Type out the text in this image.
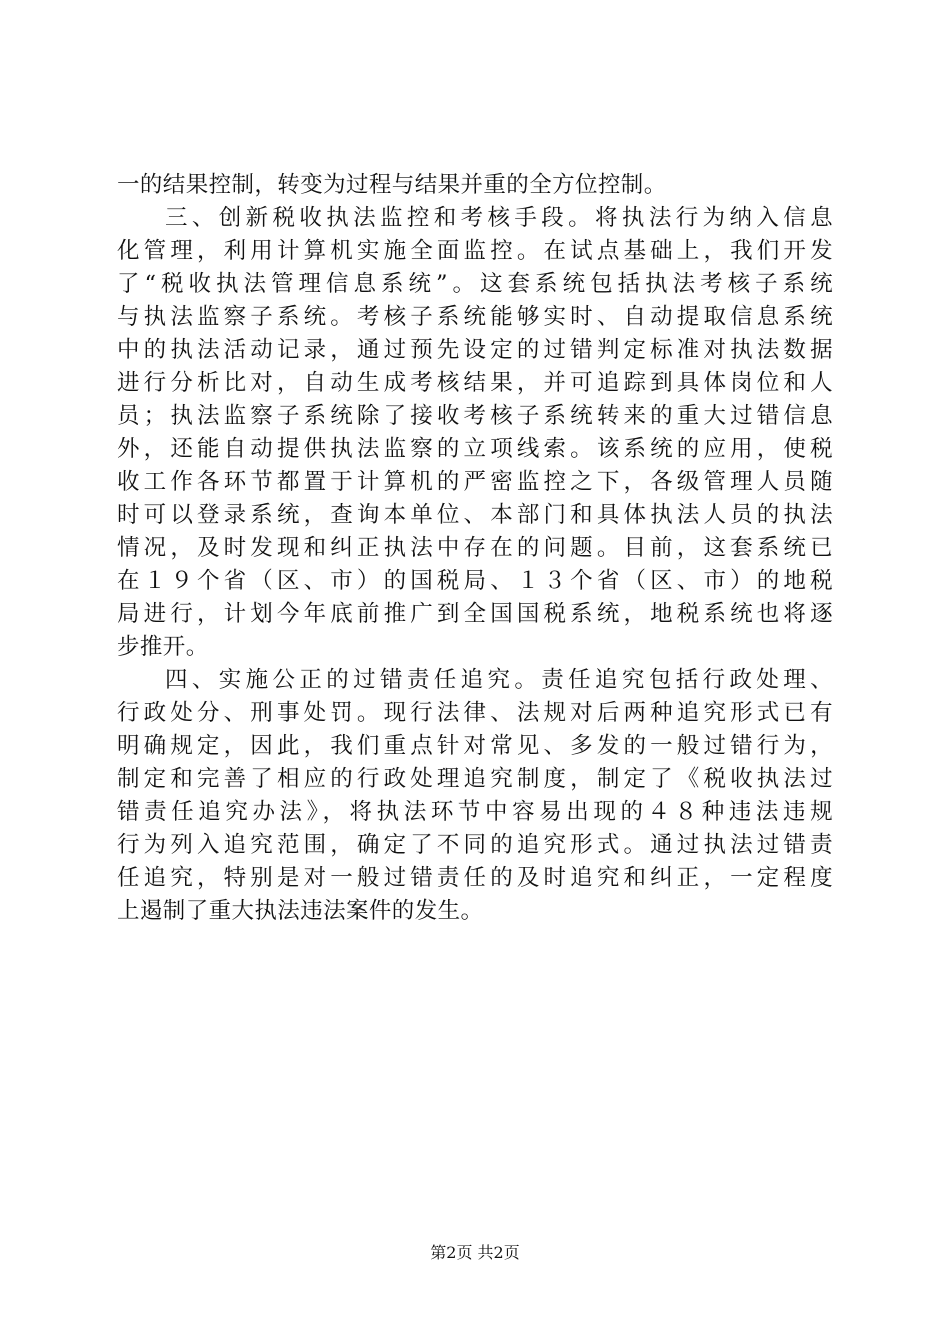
一的结果控制，转变为过程与结果并重的全方位控制。
三、创新税收执法监控和考核手段。将执法行为纳入信息
化管理，利用计算机实施全面监控。在试点基础上，我们开发
了“税收执法管理信息系统”。这套系统包括执法考核子系统
与执法监察子系统。考核子系统能够实时、自动提取信息系统
中的执法活动记录，通过预先设定的过错判定标准对执法数据
进行分析比对，自动生成考核结果，并可追踪到具体岗位和人
员；执法监察子系统除了接收考核子系统转来的重大过错信息
外，还能自动提供执法监察的立项线索。该系统的应用，使税
收工作各环节都置于计算机的严密监控之下，各级管理人员随
时可以登录系统，查询本单位、本部门和具体执法人员的执法
情况，及时发现和纠正执法中存在的问题。目前，这套系统已
在１９个省（区、市）的国税局、１３个省（区、市）的地税
局进行，计划今年底前推广到全国国税系统，地税系统也将逐
步推开。
四、实施公正的过错责任追究。责任追究包括行政处理、
行政处分、刑事处罚。现行法律、法规对后两种追究形式已有
明确规定，因此，我们重点针对常见、多发的一般过错行为，
制定和完善了相应的行政处理追究制度，制定了《税收执法过
错责任追究办法》，将执法环节中容易出现的４８种违法违规
行为列入追究范围，确定了不同的追究形式。通过执法过错责
任追究，特别是对一般过错责任的及时追究和纠正，一定程度
上遏制了重大执法违法案件的发生。
第2页 共2页
